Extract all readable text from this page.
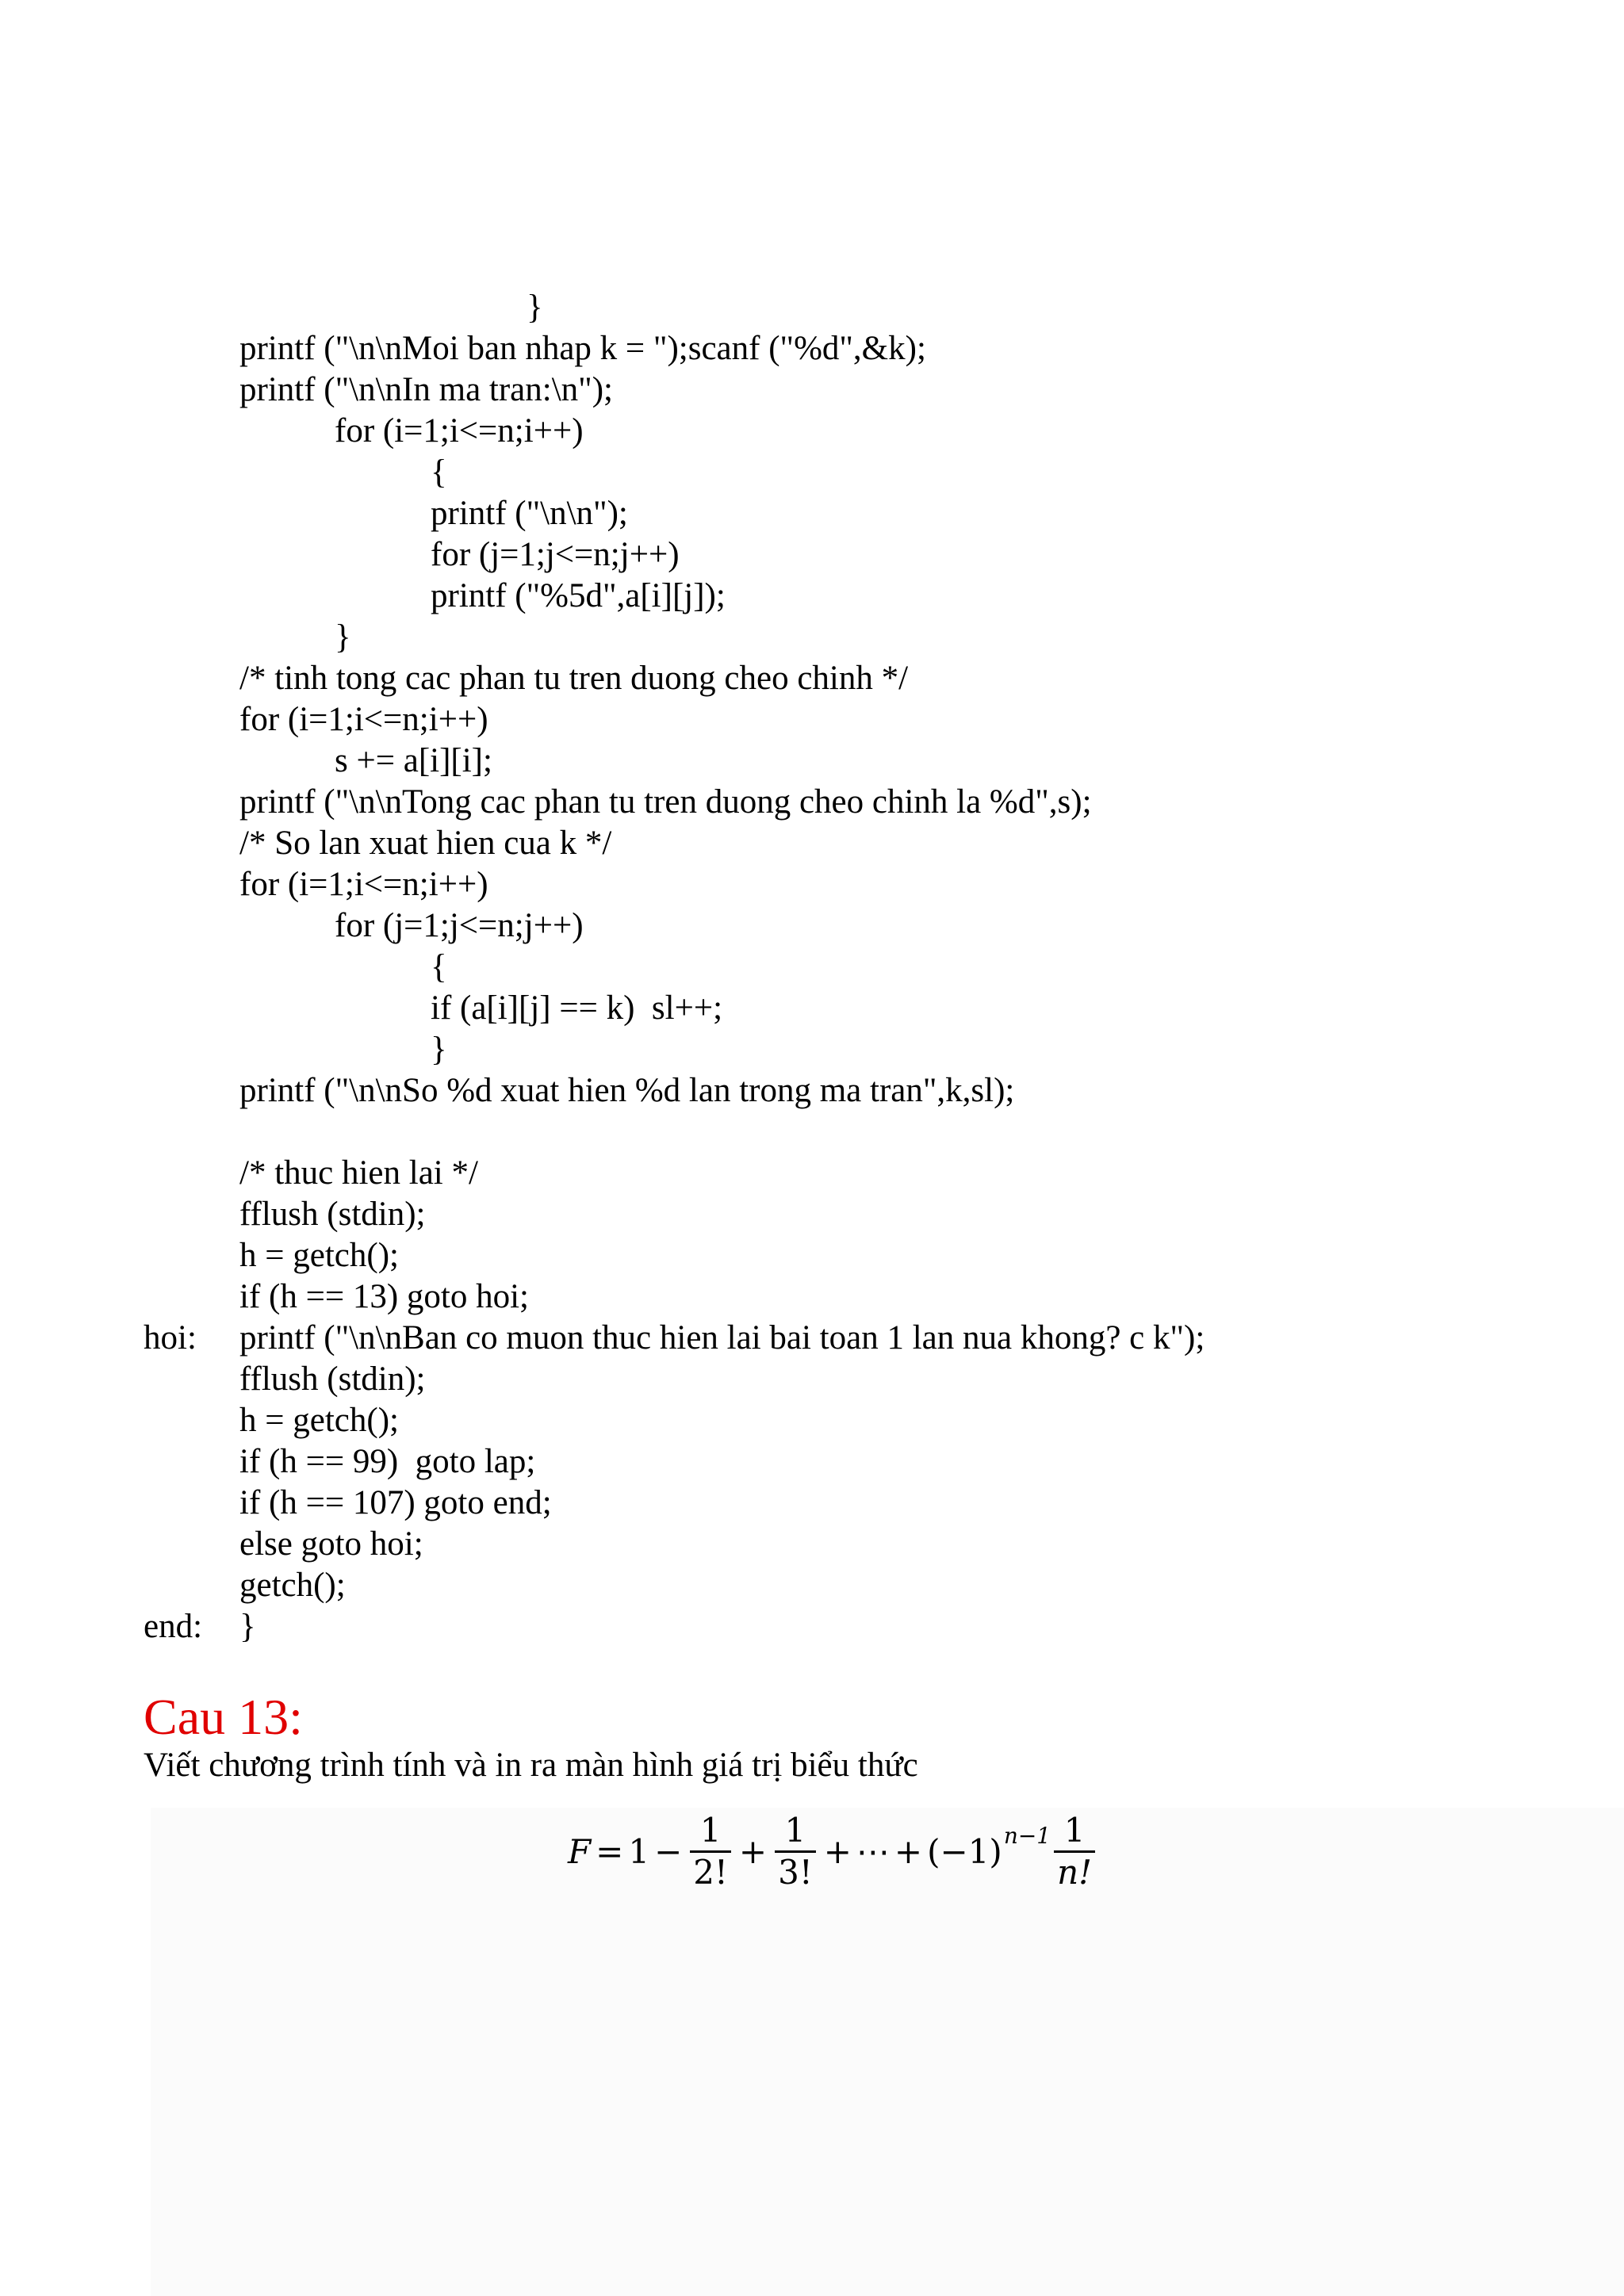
}
printf ("\n\nMoi ban nhap k = ");scanf ("%d",&k);
printf ("\n\nIn ma tran:\n");
for (i=1;i<=n;i++)
{
printf ("\n\n");
for (j=1;j<=n;j++)
printf ("%5d",a[i][j]);
}
/* tinh tong cac phan tu tren duong cheo chinh */
for (i=1;i<=n;i++)
s += a[i][i];
printf ("\n\nTong cac phan tu tren duong cheo chinh la %d",s);
/* So lan xuat hien cua k */
for (i=1;i<=n;i++)
for (j=1;j<=n;j++)
{
if (a[i][j] == k)  sl++;
}
printf ("\n\nSo %d xuat hien %d lan trong ma tran",k,sl);
/* thuc hien lai */
fflush (stdin);
h = getch();
if (h == 13) goto hoi;
hoi: printf ("\n\nBan co muon thuc hien lai bai toan 1 lan nua khong? c k");
fflush (stdin);
h = getch();
if (h == 99)  goto lap;
if (h == 107) goto end;
else goto hoi;
getch();
end: }
Cau 13:
Viết chương trình tính và in ra màn hình giá trị biểu thức
$F = 1 - \frac{1}{2!} + \frac{1}{3!}$ + ⋯ + (−1) $n-1 \frac{1}{n!}$
